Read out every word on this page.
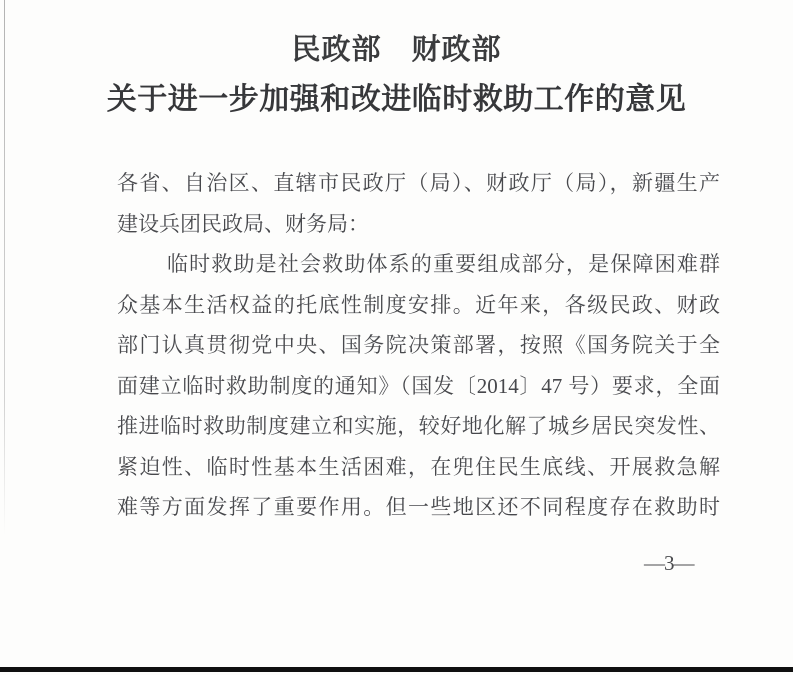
民政部　财政部
关于进一步加强和改进临时救助工作的意见
各省、自治区、直辖市民政厅（局）、财政厅（局），新疆生产
建设兵团民政局、财务局：
临时救助是社会救助体系的重要组成部分，是保障困难群
众基本生活权益的托底性制度安排。近年来，各级民政、财政
部门认真贯彻党中央、国务院决策部署，按照《国务院关于全
面建立临时救助制度的通知》（国发〔2014〕47 号）要求，全面
推进临时救助制度建立和实施，较好地化解了城乡居民突发性、
紧迫性、临时性基本生活困难，在兜住民生底线、开展救急解
难等方面发挥了重要作用。但一些地区还不同程度存在救助时
—3—
